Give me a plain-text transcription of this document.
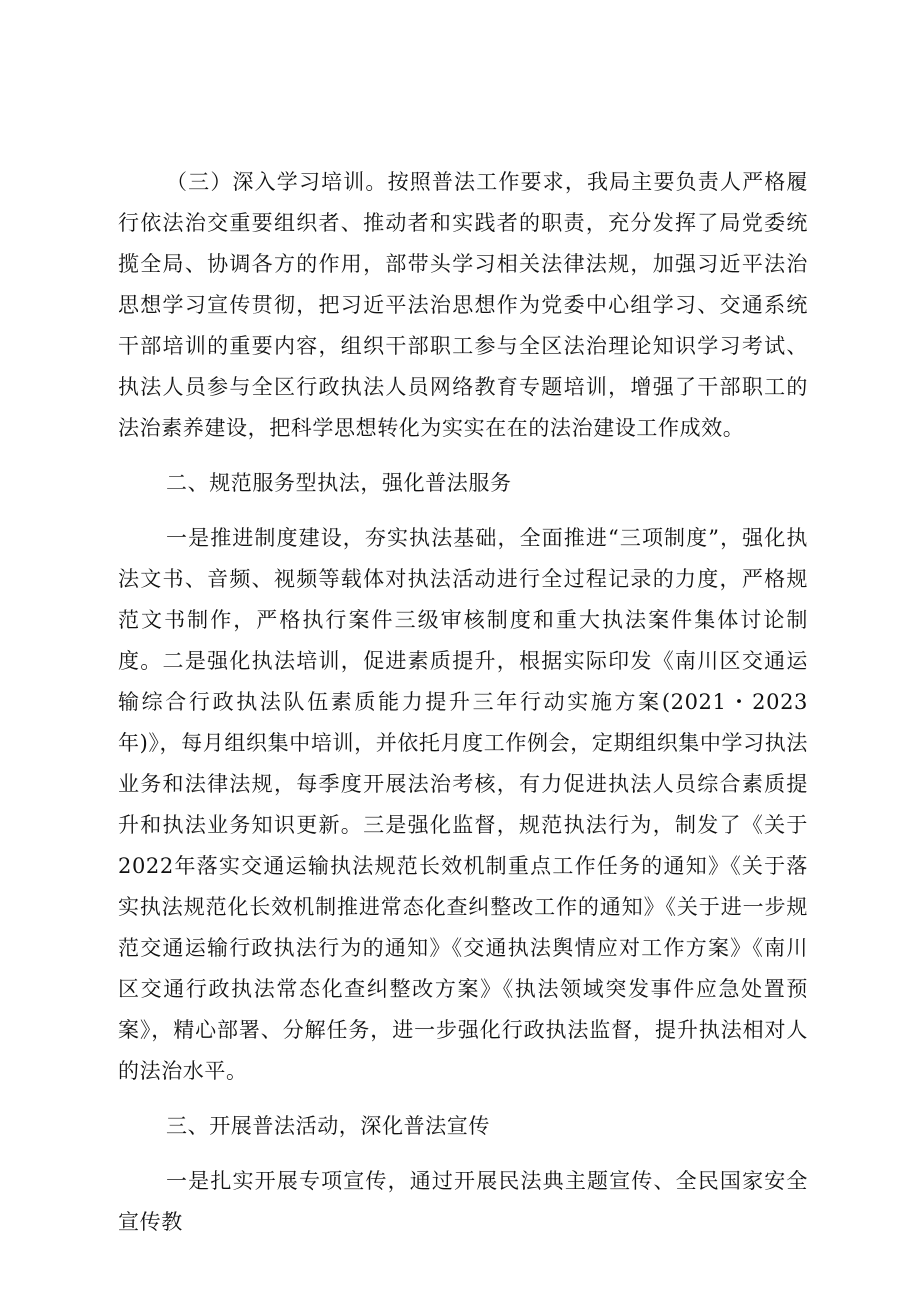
（三）深入学习培训。按照普法工作要求，我局主要负责人严格履行依法治交重要组织者、推动者和实践者的职责，充分发挥了局党委统揽全局、协调各方的作用，部带头学习相关法律法规，加强习近平法治思想学习宣传贯彻，把习近平法治思想作为党委中心组学习、交通系统干部培训的重要内容，组织干部职工参与全区法治理论知识学习考试、执法人员参与全区行政执法人员网络教育专题培训，增强了干部职工的法治素养建设，把科学思想转化为实实在在的法治建设工作成效。

二、规范服务型执法，强化普法服务

一是推进制度建设，夯实执法基础，全面推进“三项制度”，强化执法文书、音频、视频等载体对执法活动进行全过程记录的力度，严格规范文书制作，严格执行案件三级审核制度和重大执法案件集体讨论制度。二是强化执法培训，促进素质提升，根据实际印发《南川区交通运输综合行政执法队伍素质能力提升三年行动实施方案(2021・2023年)》，每月组织集中培训，并依托月度工作例会，定期组织集中学习执法业务和法律法规，每季度开展法治考核，有力促进执法人员综合素质提升和执法业务知识更新。三是强化监督，规范执法行为，制发了《关于2022年落实交通运输执法规范长效机制重点工作任务的通知》《关于落实执法规范化长效机制推进常态化查纠整改工作的通知》《关于进一步规范交通运输行政执法行为的通知》《交通执法舆情应对工作方案》《南川区交通行政执法常态化查纠整改方案》《执法领域突发事件应急处置预案》，精心部署、分解任务，进一步强化行政执法监督，提升执法相对人的法治水平。

三、开展普法活动，深化普法宣传

一是扎实开展专项宣传，通过开展民法典主题宣传、全民国家安全宣传教
